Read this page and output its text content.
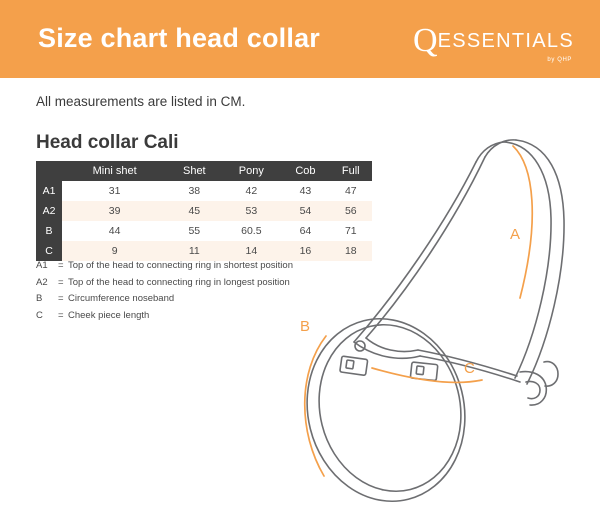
Size chart head collar	Q ESSENTIALS
by QHP
All measurements are listed in CM.
Head collar Cali
	Mini shet	Shet	Pony	Cob	Full
A1	31	38	42	43	47
A2	39	45	53	54	56
B	44	55	60.5	64	71
C	9	11	14	16	18
A1	= Top of the head to connecting ring in shortest position
A2	= Top of the head to connecting ring in longest position
B	= Circumference noseband
C	= Cheek piece length
A
B
C
